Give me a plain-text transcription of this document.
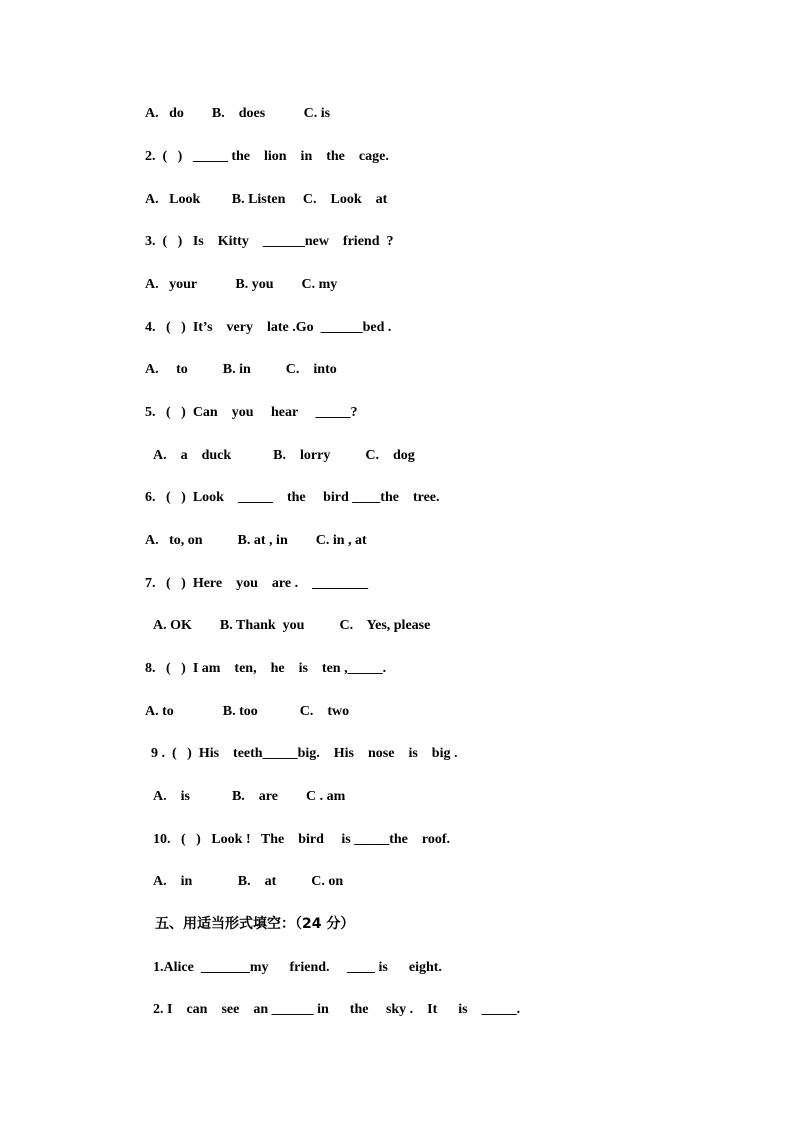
A.   do        B.    does           C. is
2.  (   )   _____ the    lion    in    the    cage.
A.   Look         B. Listen     C.    Look    at
3.  (   )   Is    Kitty    ______new    friend  ?
A.   your           B. you        C. my
4.   (   )  It’s    very    late .Go  ______bed .
A.     to          B. in          C.    into
5.   (   )  Can    you     hear     _____?
A.    a    duck            B.    lorry          C.    dog
6.   (   )  Look    _____    the     bird ____the    tree.
A.   to, on          B. at , in        C. in , at
7.   (   )  Here    you    are .    ________
A. OK        B. Thank  you          C.    Yes, please
8.   (   )  I am    ten,    he    is    ten ,_____.
A. to              B. too            C.    two
9 .  (   )  His    teeth_____big.    His    nose    is    big .
A.    is            B.    are        C . am
10.   (   )   Look !   The    bird     is _____the    roof.
A.    in             B.    at          C. on
五、用适当形式填空：（24 分）
1.Alice  _______my      friend.     ____ is      eight.
2. I    can    see    an ______ in      the     sky .    It      is    _____.
